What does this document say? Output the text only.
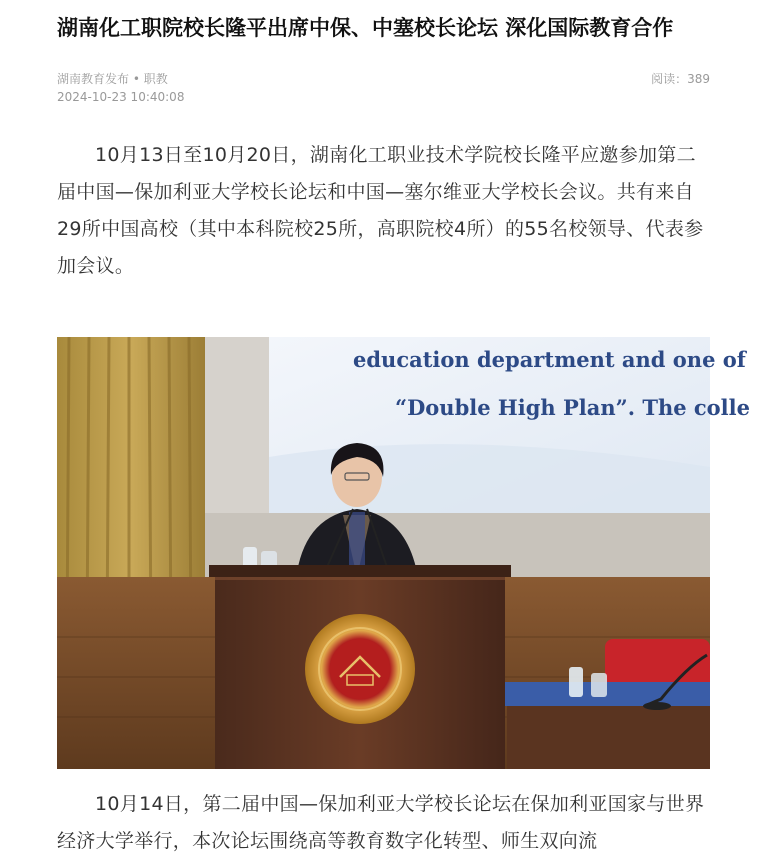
湖南化工职院校长隆平出席中保、中塞校长论坛 深化国际教育合作
湖南教育发布 • 职教
2024-10-23 10:40:08
阅读：389

10月13日至10月20日，湖南化工职业技术学院校长隆平应邀参加第二届中国—保加利亚大学校长论坛和中国—塞尔维亚大学校长会议。共有来自29所中国高校（其中本科院校25所，高职院校4所）的55名校领导、代表参加会议。

education department and one of
“Double High Plan”. The colle

10月14日，第二届中国—保加利亚大学校长论坛在保加利亚国家与世界经济大学举行，本次论坛围绕高等教育数字化转型、师生双向流
